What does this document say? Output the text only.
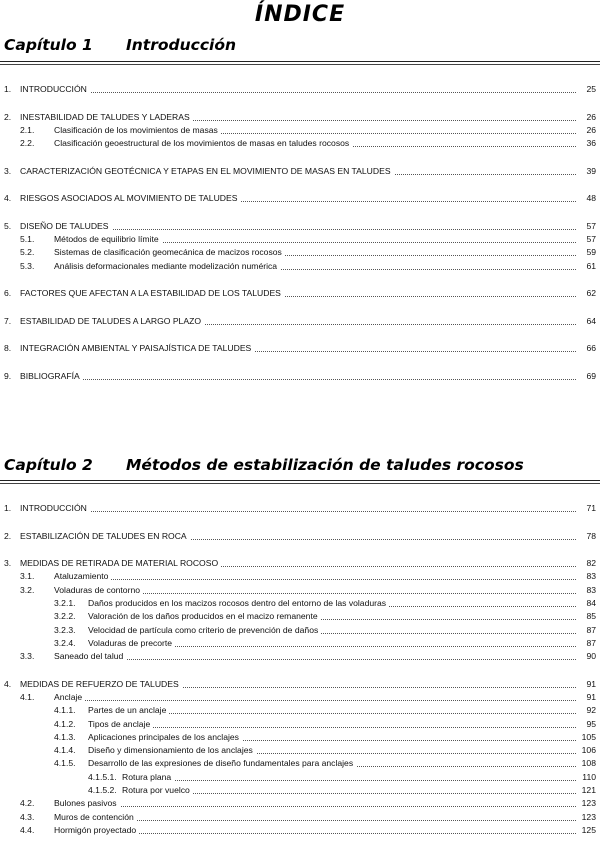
ÍNDICE
Capítulo 1 Introducción
1. INTRODUCCIÓN	25
2. INESTABILIDAD DE TALUDES Y LADERAS	26
2.1. Clasificación de los movimientos de masas	26
2.2. Clasificación geoestructural de los movimientos de masas en taludes rocosos	36
3. CARACTERIZACIÓN GEOTÉCNICA Y ETAPAS EN EL MOVIMIENTO DE MASAS EN TALUDES	39
4. RIESGOS ASOCIADOS AL MOVIMIENTO DE TALUDES	48
5. DISEÑO DE TALUDES	57
5.1. Métodos de equilibrio límite	57
5.2. Sistemas de clasificación geomecánica de macizos rocosos	59
5.3. Análisis deformacionales mediante modelización numérica	61
6. FACTORES QUE AFECTAN A LA ESTABILIDAD DE LOS TALUDES	62
7. ESTABILIDAD DE TALUDES A LARGO PLAZO	64
8. INTEGRACIÓN AMBIENTAL Y PAISAJÍSTICA DE TALUDES	66
9. BIBLIOGRAFÍA	69
Capítulo 2 Métodos de estabilización de taludes rocosos
1. INTRODUCCIÓN	71
2. ESTABILIZACIÓN DE TALUDES EN ROCA	78
3. MEDIDAS DE RETIRADA DE MATERIAL ROCOSO	82
3.1. Ataluzamiento	83
3.2. Voladuras de contorno	83
3.2.1. Daños producidos en los macizos rocosos dentro del entorno de las voladuras	84
3.2.2. Valoración de los daños producidos en el macizo remanente	85
3.2.3. Velocidad de partícula como criterio de prevención de daños	87
3.2.4. Voladuras de precorte	87
3.3. Saneado del talud	90
4. MEDIDAS DE REFUERZO DE TALUDES	91
4.1. Anclaje	91
4.1.1. Partes de un anclaje	92
4.1.2. Tipos de anclaje	95
4.1.3. Aplicaciones principales de los anclajes	105
4.1.4. Diseño y dimensionamiento de los anclajes	106
4.1.5. Desarrollo de las expresiones de diseño fundamentales para anclajes	108
4.1.5.1. Rotura plana	110
4.1.5.2. Rotura por vuelco	121
4.2. Bulones pasivos	123
4.3. Muros de contención	123
4.4. Hormigón proyectado	125
